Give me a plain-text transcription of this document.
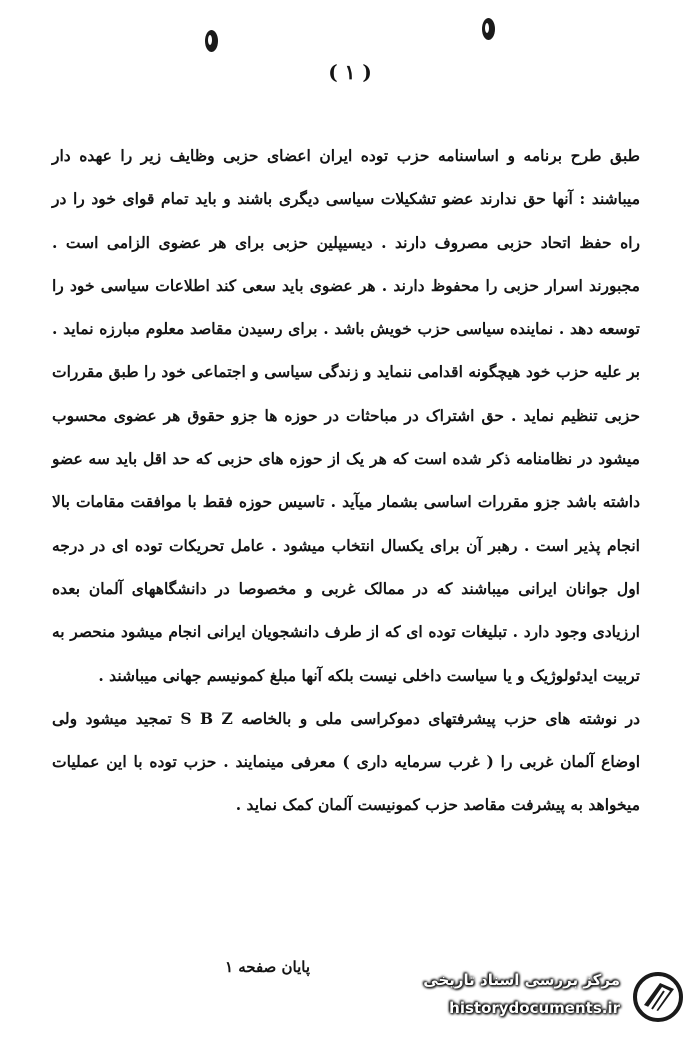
( ۱ )

طبق طرح برنامه و اساسنامه حزب توده ایران اعضای حزبی وظایف زیر را عهده دار میباشند : آنها حق ندارند عضو تشکیلات سیاسی دیگری باشند و باید تمام قوای خود را در راه حفظ اتحاد حزبی مصروف دارند . دیسیپلین حزبی برای هر عضوی الزامی است . مجبورند اسرار حزبی را محفوظ دارند . هر عضوی باید سعی کند اطلاعات سیاسی خود را توسعه دهد . نماینده سیاسی حزب خویش باشد . برای رسیدن مقاصد معلوم مبارزه نماید . بر علیه حزب خود هیچگونه اقدامی ننماید و زندگی سیاسی و اجتماعی خود را طبق مقررات حزبی تنظیم نماید . حق اشتراک در مباحثات در حوزه ها جزو حقوق هر عضوی محسوب میشود در نظامنامه ذکر شده است که هر یک از حوزه های حزبی که حد اقل باید سه عضو داشته باشد جزو مقررات اساسی بشمار میآید . تاسیس حوزه فقط با موافقت مقامات بالا انجام پذیر است . رهبر آن برای یکسال انتخاب میشود . عامل تحریکات توده ای در درجه اول جوانان ایرانی میباشند که در ممالک غربی و مخصوصا در دانشگاههای آلمان بعده ارزیادی وجود دارد . تبلیغات توده ای که از طرف دانشجویان ایرانی انجام میشود منحصر به تربیت ایدئولوژیک و یا سیاست داخلی نیست بلکه آنها مبلغ کمونیسم جهانی میباشند .

در نوشته های حزب پیشرفتهای دموکراسی ملی و بالخاصه S B Z تمجید میشود ولی اوضاع آلمان غربی را ( غرب سرمایه داری ) معرفی مینمایند . حزب توده با این عملیات میخواهد به پیشرفت مقاصد حزب کمونیست آلمان کمک نماید .

پایان صفحه ۱
مرکز بررسی اسناد تاریخی
historydocuments.ir
